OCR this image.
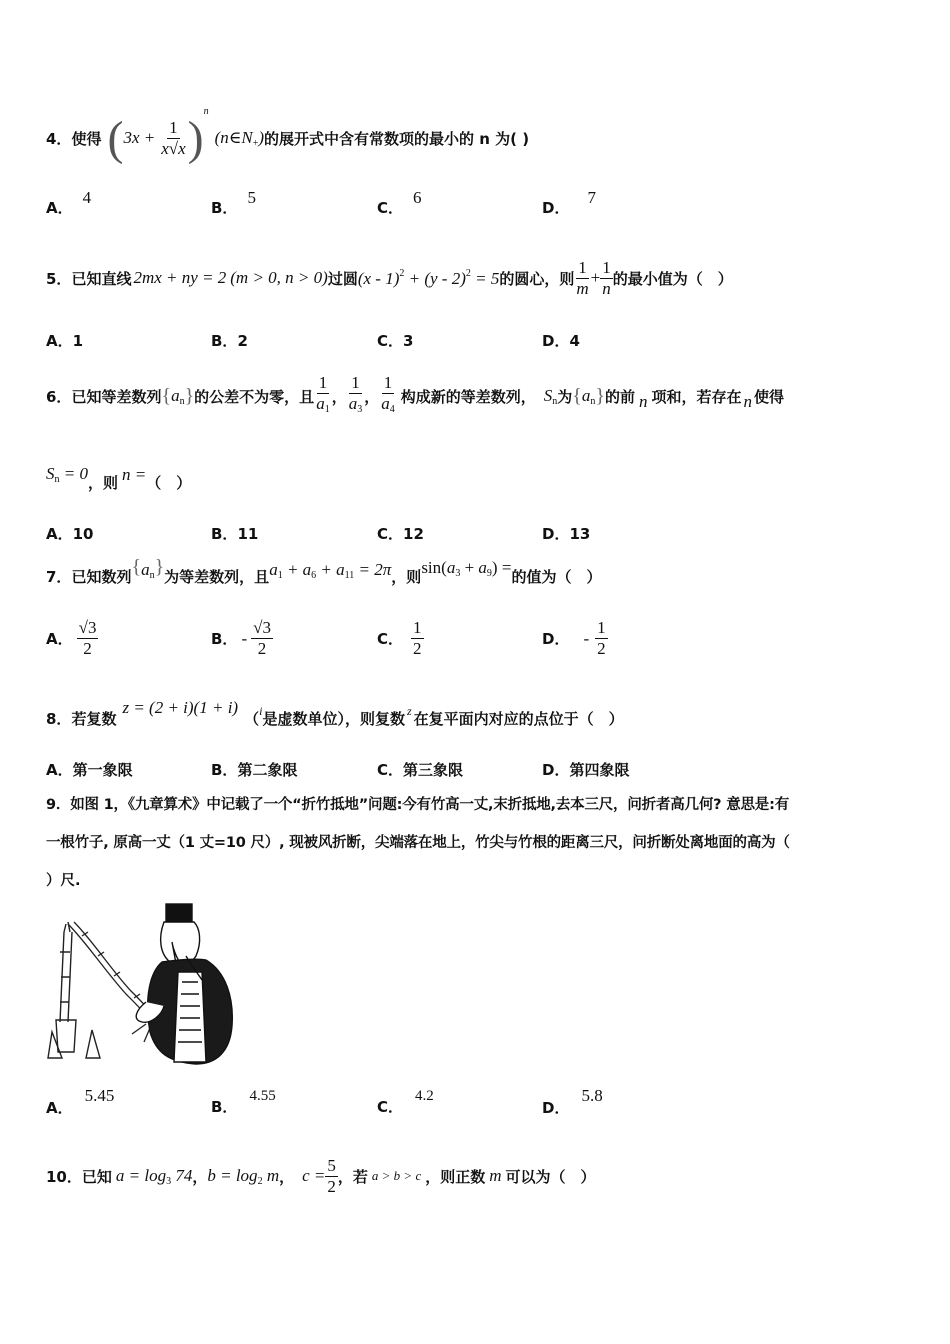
4． 使得 ( $3x + \frac{1}{x√x}$ ) n
$(n\in N_+)$ 的展开式中含有常数项的最小的 n 为( )
A．4
B．5
C．6
D．7
5． 已知直线 2mx + ny = 2 (m > 0, n > 0) 过圆 (x - 1)$^2$ + (y - 2)$^2$ = 5 的圆心，则 $\frac{1}{m} + \frac{1}{n}$ 的最小值为（　）
A．1	B．2	C．3	D．4
6． 已知等差数列 { $a_n$ } 的公差不为零，且 $\frac{1}{a_1}$ ， $\frac{1}{a_3}$ ， $\frac{1}{a_4}$ 构成新的等差数列， $S_n$ 为 { $a_n$ } 的前 n 项和，若存在 n 使得
$S_n = 0$ ，则 n = （　）
A．10	B．11	C．12	D．13
7． 已知数列 { $a_n$ } 为等差数列，且 $a_1 + a_6 + a_{11} = 2\pi$ ，则 $\sin(a_3 + a_9)$ = 的值为（　）
A． $\frac{√3}{2}$	B． - $\frac{√3}{2}$	C． $\frac{1}{2}$	D． - $\frac{1}{2}$
8． 若复数
z = (2 + i)(1 + i)
（ i 是虚数单位），则复数 z 在复平面内对应的点位于（　）
A．第一象限	B．第二象限	C．第三象限	D．第四象限
9．如图 1，《九章算术》中记载了一个“折竹抵地”问题:今有竹高一丈,末折抵地,去本三尺，问折者高几何? 意思是:有
一根竹子, 原高一丈（1 丈=10 尺）, 现被风折断，尖端落在地上，竹尖与竹根的距离三尺，问折断处离地面的高为（
）尺.
A．5.45
B．4.55
C．4.2
D．5.8
10． 已知 $a = \log_3 74$ ， $b = \log_2 m$ ， $c = \frac{5}{2}$ ，若 a > b > c ，则正数 m 可以为（　）
